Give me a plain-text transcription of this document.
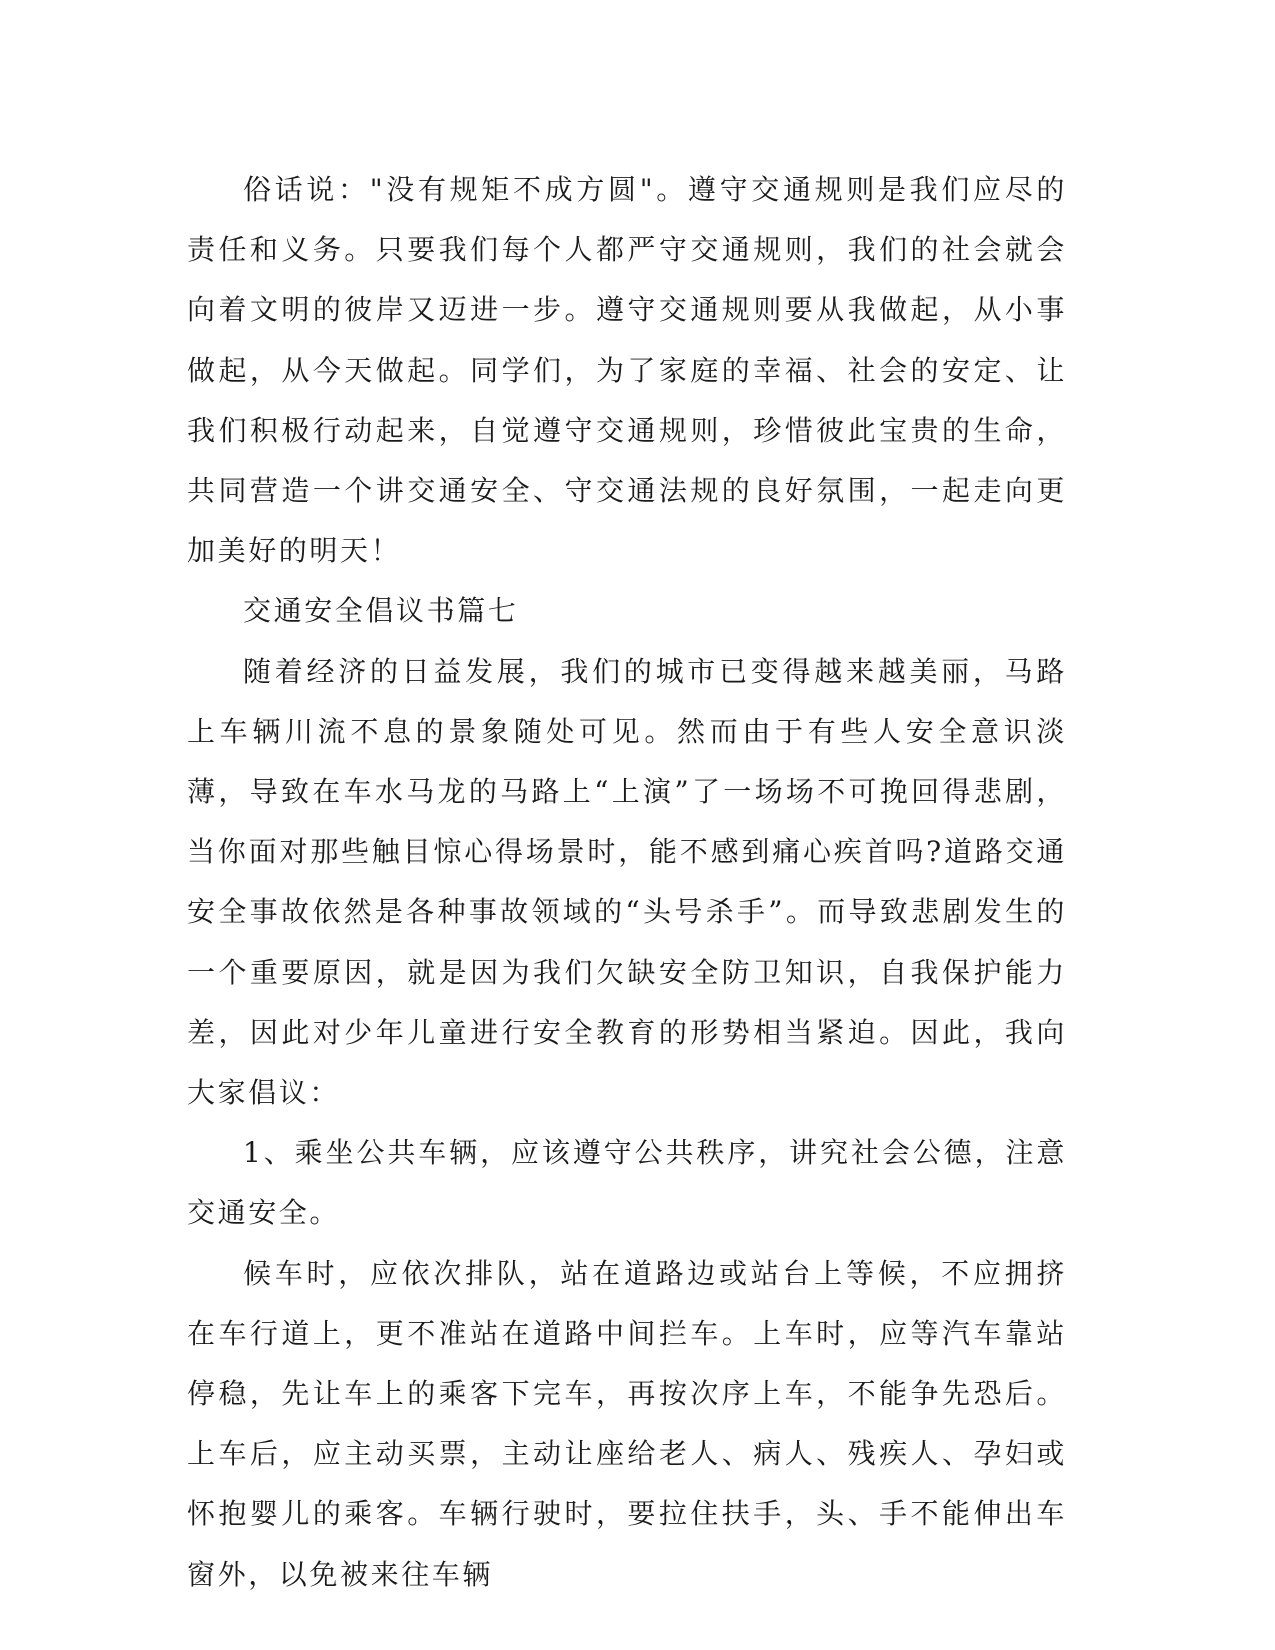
俗话说："没有规矩不成方圆"。遵守交通规则是我们应尽的责任和义务。只要我们每个人都严守交通规则，我们的社会就会向着文明的彼岸又迈进一步。遵守交通规则要从我做起，从小事做起，从今天做起。同学们，为了家庭的幸福、社会的安定、让我们积极行动起来，自觉遵守交通规则，珍惜彼此宝贵的生命，共同营造一个讲交通安全、守交通法规的良好氛围，一起走向更加美好的明天！

交通安全倡议书篇七

随着经济的日益发展，我们的城市已变得越来越美丽，马路上车辆川流不息的景象随处可见。然而由于有些人安全意识淡薄，导致在车水马龙的马路上“上演”了一场场不可挽回得悲剧，当你面对那些触目惊心得场景时，能不感到痛心疾首吗?道路交通安全事故依然是各种事故领域的“头号杀手”。而导致悲剧发生的一个重要原因，就是因为我们欠缺安全防卫知识，自我保护能力差，因此对少年儿童进行安全教育的形势相当紧迫。因此，我向大家倡议：

1、乘坐公共车辆，应该遵守公共秩序，讲究社会公德，注意交通安全。

候车时，应依次排队，站在道路边或站台上等候，不应拥挤在车行道上，更不准站在道路中间拦车。上车时，应等汽车靠站停稳，先让车上的乘客下完车，再按次序上车，不能争先恐后。上车后，应主动买票，主动让座给老人、病人、残疾人、孕妇或怀抱婴儿的乘客。车辆行驶时，要拉住扶手，头、手不能伸出车窗外，以免被来往车辆
